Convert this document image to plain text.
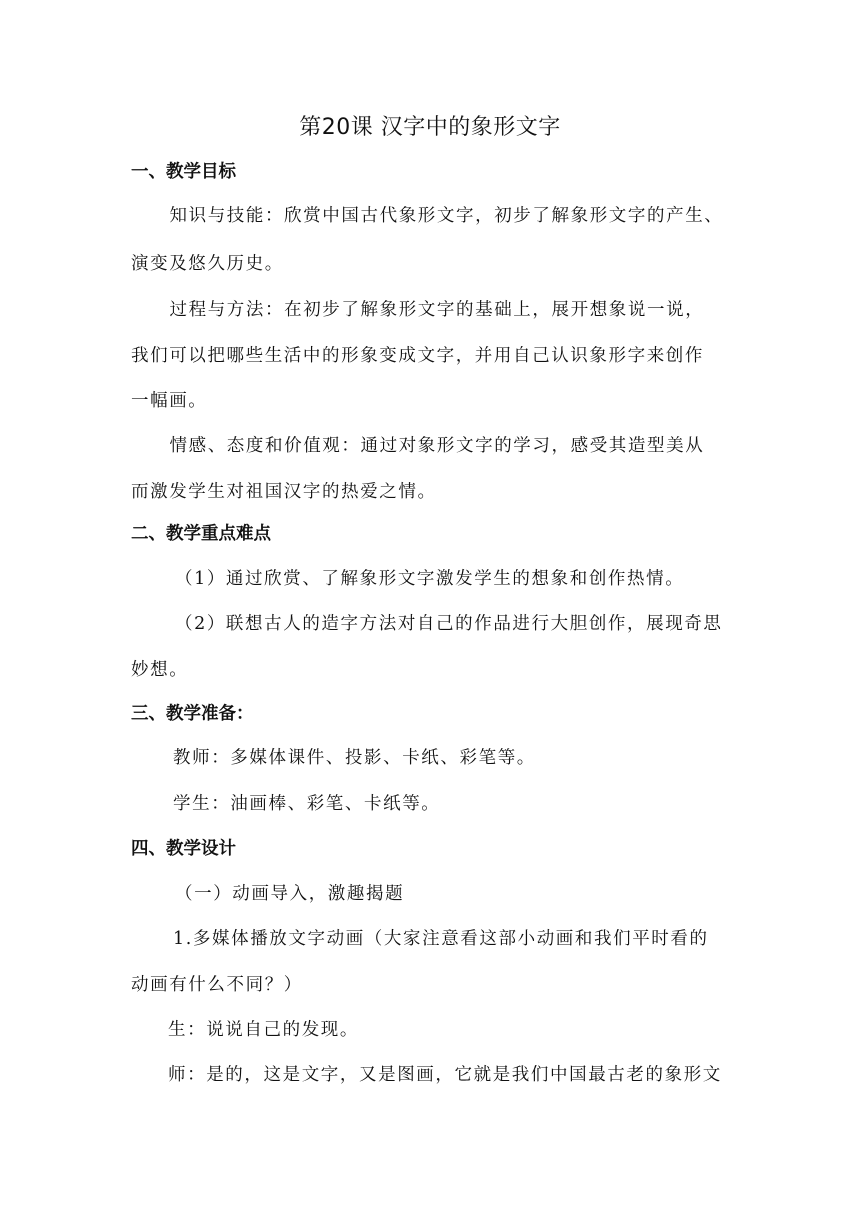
第20课 汉字中的象形文字
一、教学目标
知识与技能：欣赏中国古代象形文字，初步了解象形文字的产生、
演变及悠久历史。
过程与方法：在初步了解象形文字的基础上，展开想象说一说，
我们可以把哪些生活中的形象变成文字，并用自己认识象形字来创作
一幅画。
情感、态度和价值观：通过对象形文字的学习，感受其造型美从
而激发学生对祖国汉字的热爱之情。
二、教学重点难点
（1）通过欣赏、了解象形文字激发学生的想象和创作热情。
（2）联想古人的造字方法对自己的作品进行大胆创作，展现奇思
妙想。
三、教学准备：
教师：多媒体课件、投影、卡纸、彩笔等。
学生：油画棒、彩笔、卡纸等。
四、教学设计
（一）动画导入，激趣揭题
1.多媒体播放文字动画（大家注意看这部小动画和我们平时看的
动画有什么不同？）
生：说说自己的发现。
师：是的，这是文字，又是图画，它就是我们中国最古老的象形文
